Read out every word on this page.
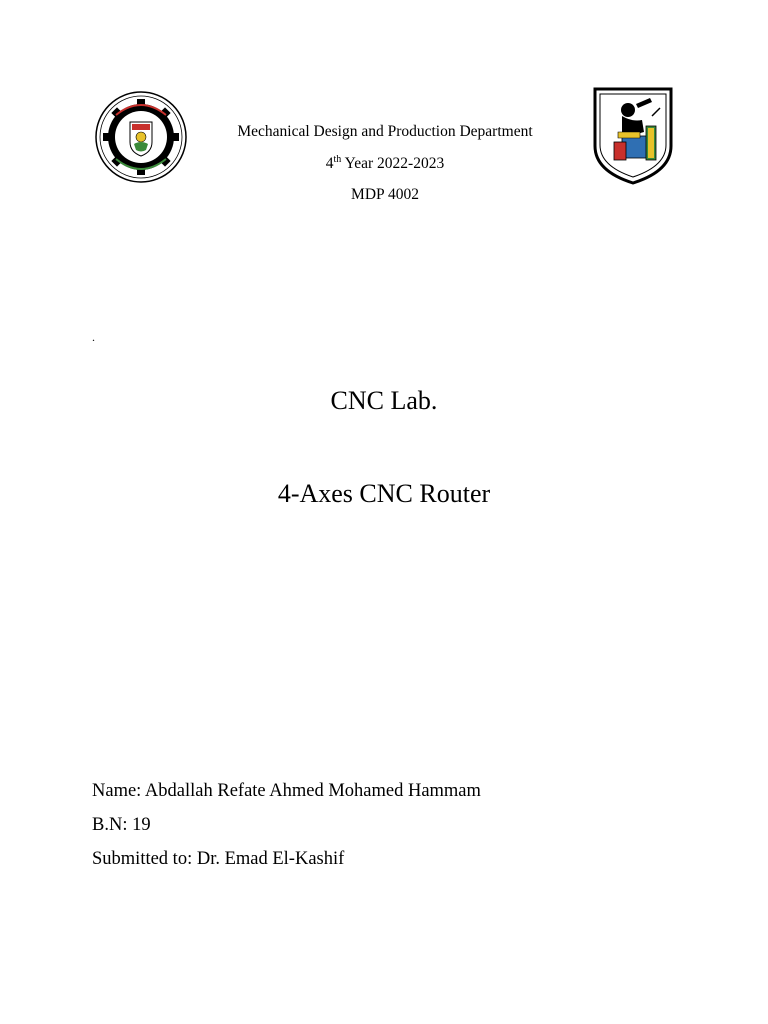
Mechanical Design and Production Department
4th Year 2022-2023
MDP 4002
.
CNC Lab.
4-Axes CNC Router
Name: Abdallah Refate Ahmed Mohamed Hammam
B.N: 19
Submitted to: Dr. Emad El-Kashif
